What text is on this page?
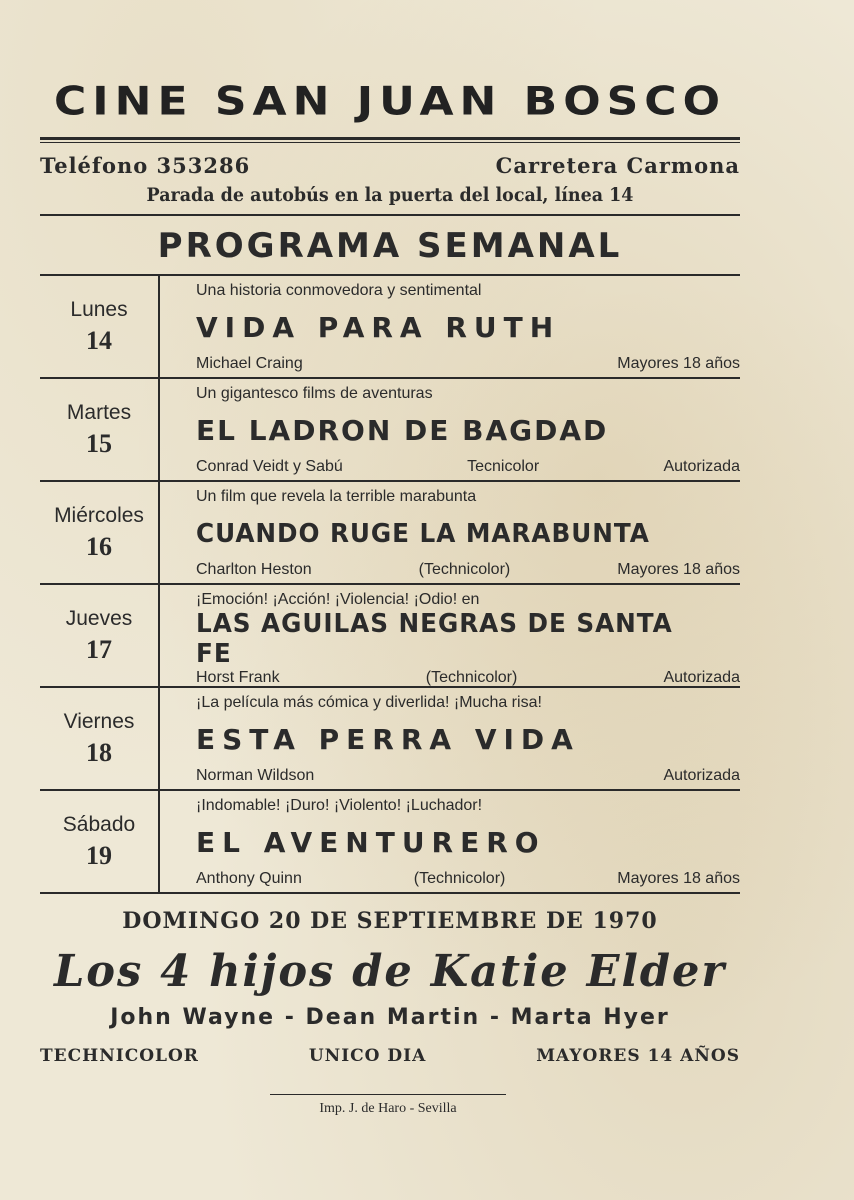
CINE SAN JUAN BOSCO
Teléfono 353286	Carretera Carmona
Parada de autobús en la puerta del local, línea 14
PROGRAMA SEMANAL
Lunes
14
Una historia conmovedora y sentimental
VIDA PARA RUTH
Michael Craing	Mayores 18 años
Martes
15
Un gigantesco films de aventuras
EL LADRON DE BAGDAD
Conrad Veidt y Sabú	Tecnicolor	Autorizada
Miércoles
16
Un film que revela la terrible marabunta
CUANDO RUGE LA MARABUNTA
Charlton Heston	(Technicolor)	Mayores 18 años
Jueves
17
¡Emoción! ¡Acción! ¡Violencia! ¡Odio! en
LAS AGUILAS NEGRAS DE SANTA FE
Horst Frank	(Technicolor)	Autorizada
Viernes
18
¡La película más cómica y diverlida! ¡Mucha risa!
ESTA PERRA VIDA
Norman Wildson	Autorizada
Sábado
19
¡Indomable! ¡Duro! ¡Violento! ¡Luchador!
EL AVENTURERO
Anthony Quinn	(Technicolor)	Mayores 18 años
DOMINGO 20 DE SEPTIEMBRE DE 1970
Los 4 hijos de Katie Elder
John Wayne - Dean Martin - Marta Hyer
TECHNICOLOR	UNICO DIA	MAYORES 14 AÑOS
Imp. J. de Haro - Sevilla
